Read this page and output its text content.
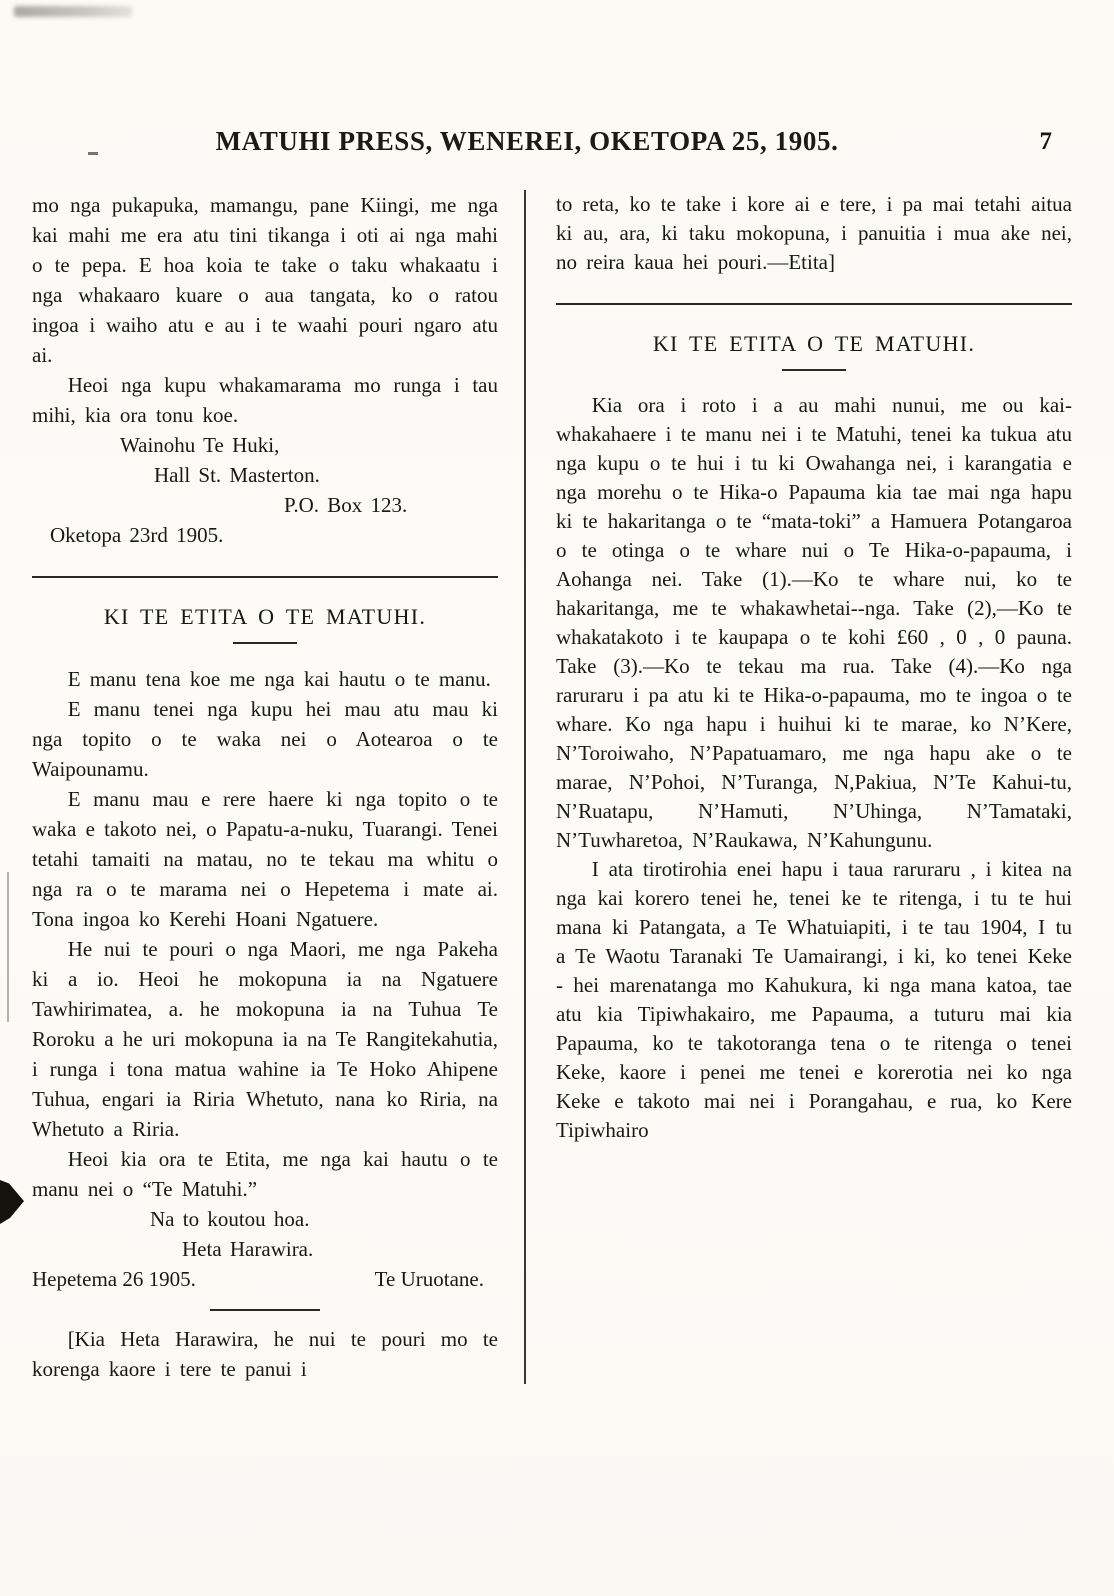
MATUHI PRESS, WENEREI, OKETOPA 25, 1905.	7

mo nga pukapuka, mamangu, pane Kiingi, me nga kai mahi me era atu tini tikanga i oti ai nga mahi o te pepa. E hoa koia te take o taku whakaatu i nga whakaaro kuare o aua tangata, ko o ratou ingoa i waiho atu e au i te waahi pouri ngaro atu ai.

Heoi nga kupu whakamarama mo runga i tau mihi, kia ora tonu koe.

Wainohu Te Huki,
Hall St. Masterton.
P.O. Box 123.
Oketopa 23rd 1905.
KI TE ETITA O TE MATUHI.

E manu tena koe me nga kai hautu o te manu.

E manu tenei nga kupu hei mau atu mau ki nga topito o te waka nei o Aotearoa o te Waipounamu.

E manu mau e rere haere ki nga topito o te waka e takoto nei, o Papatu-a-nuku, Tuarangi. Tenei tetahi tamaiti na matau, no te tekau ma whitu o nga ra o te marama nei o Hepetema i mate ai. Tona ingoa ko Kerehi Hoani Ngatuere.

He nui te pouri o nga Maori, me nga Pakeha ki a io. Heoi he mokopuna ia na Ngatuere Tawhirimatea, a. he mokopuna ia na Tuhua Te Roroku a he uri mokopuna ia na Te Rangitekahutia, i runga i tona matua wahine ia Te Hoko Ahipene Tuhua, engari ia Riria Whetuto, nana ko Riria, na Whetuto a Riria.

Heoi kia ora te Etita, me nga kai hautu o te manu nei o “Te Matuhi.”

Na to koutou hoa.
Heta Harawira.
Hepetema 26 1905.	Te Uruotane.

[Kia Heta Harawira, he nui te pouri mo te korenga kaore i tere te panui i

to reta, ko te take i kore ai e tere, i pa mai tetahi aitua ki au, ara, ki taku mokopuna, i panuitia i mua ake nei, no reira kaua hei pouri.—Etita]

KI TE ETITA O TE MATUHI.

Kia ora i roto i a au mahi nunui, me ou kai-whakahaere i te manu nei i te Matuhi, tenei ka tukua atu nga kupu o te hui i tu ki Owahanga nei, i karangatia e nga morehu o te Hika-o Papauma kia tae mai nga hapu ki te hakaritanga o te “mata-toki” a Hamuera Potangaroa o te otinga o te whare nui o Te Hika-o-papauma, i Aohanga nei. Take (1).—Ko te whare nui, ko te hakaritanga, me te whakawhetai--nga. Take (2),—Ko te whakatakoto i te kaupapa o te kohi £60 , 0 , 0 pauna. Take (3).—Ko te tekau ma rua. Take (4).—Ko nga raruraru i pa atu ki te Hika-o-papauma, mo te ingoa o te whare. Ko nga hapu i huihui ki te marae, ko N’Kere, N’Toroiwaho, N’Papatuamaro, me nga hapu ake o te marae, N’Pohoi, N’Turanga, N,Pakiua, N’Te Kahui-tu, N’Ruatapu, N’Hamuti, N’Uhinga, N’Tamataki, N’Tuwharetoa, N’Raukawa, N’Kahungunu.

I ata tirotirohia enei hapu i taua raruraru , i kitea na nga kai korero tenei he, tenei ke te ritenga, i tu te hui mana ki Patangata, a Te Whatuiapiti, i te tau 1904, I tu a Te Waotu Taranaki Te Uamairangi, i ki, ko tenei Keke - hei marenatanga mo Kahukura, ki nga mana katoa, tae atu kia Tipiwhakairo, me Papauma, a tuturu mai kia Papauma, ko te takotoranga tena o te ritenga o tenei Keke, kaore i penei me tenei e korerotia nei ko nga Keke e takoto mai nei i Porangahau, e rua, ko Kere Tipiwhairo
